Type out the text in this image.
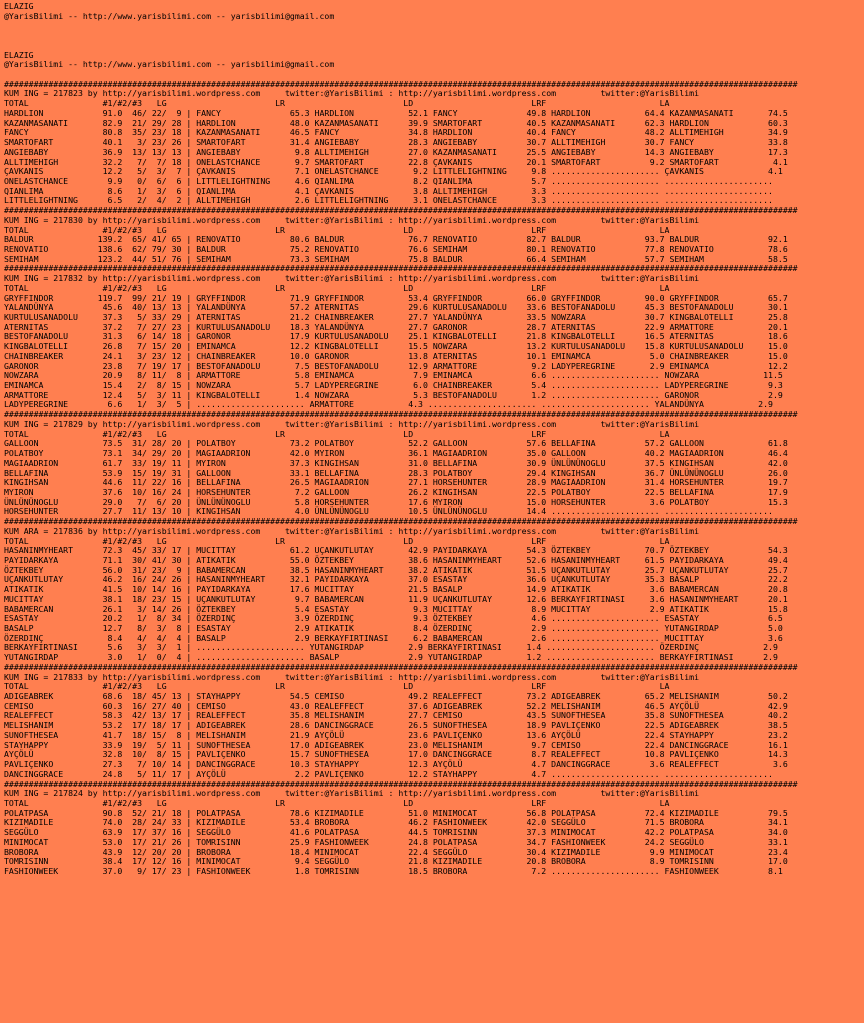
ELAZIG
@YarisBilimi -- http://www.yarisbilimi.com -- yarisbilimi@gmail.com

ELAZIG
@YarisBilimi -- http://www.yarisbilimi.com -- yarisbilimi@gmail.com

#################################################################################################################################################################
KUM ING = 217823 by http://yarisbilimi.wordpress.com     twitter:@YarisBilimi : http://yarisbilimi.wordpress.com         twitter:@YarisBilimi
TOTAL               #1/#2/#3   LG                      LR                        LD                        LRF                       LA
HARDLION            91.0  46/ 22/  9 | FANCY              65.3 HARDLION           52.1 FANCY              49.8 HARDLION           64.4 KAZANMASANATI       74.5
KAZANMASANATI       82.9  21/ 29/ 28 | HARDLION           48.0 KAZANMASANATI      39.9 SMARTOFART         40.5 KAZANMASANATI      62.3 HARDLION            60.3
FANCY               80.8  35/ 23/ 18 | KAZANMASANATI      46.5 FANCY              34.8 HARDLION           40.4 FANCY              48.2 ALLTIMEHIGH         34.9
SMARTOFART          40.1   3/ 23/ 26 | SMARTOFART         31.4 ANGIEBABY          28.3 ANGIEBABY          30.7 ALLTIMEHIGH        30.7 FANCY               33.8
ANGIEBABY           36.9  13/ 13/ 13 | ANGIEBABY           9.8 ALLTIMEHIGH        27.0 KAZANMASANATI      25.5 ANGIEBABY          14.3 ANGIEBABY           17.3
ALLTIMEHIGH         32.2   7/  7/ 18 | ONELASTCHANCE       9.7 SMARTOFART         22.8 ÇAVKANIS           20.1 SMARTOFART          9.2 SMARTOFART           4.1
ÇAVKANIS            12.2   5/  3/  7 | ÇAVKANIS            7.1 ONELASTCHANCE       9.2 LITTLELIGHTNING     9.8 ...................... ÇAVKANIS             4.1
ONELASTCHANCE        9.9   0/  6/  6 | LITTLELIGHTNING     4.6 QIANLIMA            8.2 QIANLIMA            5.7 ...................... ......................
QIANLIMA             8.6   1/  3/  6 | QIANLIMA            4.1 ÇAVKANIS            3.8 ALLTIMEHIGH         3.3 ...................... ......................
LITTLELIGHTNING      6.5   2/  4/  2 | ALLTIMEHIGH         2.6 LITTLELIGHTNING     3.1 ONELASTCHANCE       3.3 ...................... ......................
#################################################################################################################################################################
KUM ING = 217830 by http://yarisbilimi.wordpress.com     twitter:@YarisBilimi : http://yarisbilimi.wordpress.com         twitter:@YarisBilimi
TOTAL               #1/#2/#3   LG                      LR                        LD                        LRF                       LA
BALDUR             139.2  65/ 41/ 65 | RENOVATIO          80.6 BALDUR             76.7 RENOVATIO          82.7 BALDUR             93.7 BALDUR              92.1
RENOVATIO          138.6  62/ 79/ 30 | BALDUR             75.2 RENOVATIO          76.6 SEMIHAM            80.1 RENOVATIO          77.8 RENOVATIO           78.6
SEMIHAM            123.2  44/ 51/ 76 | SEMIHAM            73.3 SEMIHAM            75.8 BALDUR             66.4 SEMIHAM            57.7 SEMIHAM             58.5
#################################################################################################################################################################
KUM ING = 217832 by http://yarisbilimi.wordpress.com     twitter:@YarisBilimi : http://yarisbilimi.wordpress.com         twitter:@YarisBilimi
TOTAL               #1/#2/#3   LG                      LR                        LD                        LRF                       LA
GRYFFINDOR         119.7  99/ 21/ 19 | GRYFFINDOR         71.9 GRYFFINDOR         53.4 GRYFFINDOR         66.0 GRYFFINDOR         90.0 GRYFFINDOR          65.7
YALANDÜNYA          45.6  40/ 13/ 13 | YALANDÜNYA         57.2 ATERNITAS          29.6 KURTULUSANADOLU    33.6 BESTOFANADOLU      45.3 BESTOFANADOLU       30.1
KURTULUSANADOLU     37.3   5/ 33/ 29 | ATERNITAS          21.2 CHAINBREAKER       27.7 YALANDÜNYA         33.5 NOWZARA            30.7 KINGBALOTELLI       25.8
ATERNITAS           37.2   7/ 27/ 23 | KURTULUSANADOLU    18.3 YALANDÜNYA         27.7 GARONOR            28.7 ATERNITAS          22.9 ARMATTORE           20.1
BESTOFANADOLU       31.3   6/ 14/ 18 | GARONOR            17.9 KURTULUSANADOLU    25.1 KINGBALOTELLI      21.8 KINGBALOTELLI      16.5 ATERNITAS           18.6
KINGBALOTELLI       26.8   7/ 15/ 20 | EMINAMCA           12.2 KINGBALOTELLI      15.5 NOWZARA            13.2 KURTULUSANADOLU    15.8 KURTULUSANADOLU     15.0
CHAINBREAKER        24.1   3/ 23/ 12 | CHAINBREAKER       10.0 GARONOR            13.8 ATERNITAS          10.1 EMINAMCA            5.0 CHAINBREAKER        15.0
GARONOR             23.8   7/ 19/ 17 | BESTOFANADOLU       7.5 BESTOFANADOLU      12.9 ARMATTORE           9.2 LADYPEREGRINE       2.9 EMINAMCA            12.2
NOWZARA             20.9   8/ 11/  8 | ARMATTORE           5.8 EMINAMCA            7.9 EMINAMCA            6.6 ...................... NOWZARA             11.5
EMINAMCA            15.4   2/  8/ 15 | NOWZARA             5.7 LADYPEREGRINE       6.0 CHAINBREAKER        5.4 ...................... LADYPEREGRINE        9.3
ARMATTORE           12.4   5/  3/ 11 | KINGBALOTELLI       1.4 NOWZARA             5.3 BESTOFANADOLU       1.2 ...................... GARONOR              2.9
LADYPEREGRINE        6.6   1/  3/  5 | ...................... ARMATTORE           4.3 ...................... ...................... YALANDÜNYA           2.9
#################################################################################################################################################################
KUM ING = 217829 by http://yarisbilimi.wordpress.com     twitter:@YarisBilimi : http://yarisbilimi.wordpress.com         twitter:@YarisBilimi
TOTAL               #1/#2/#3   LG                      LR                        LD                        LRF                       LA
GALLOON             73.5  31/ 28/ 20 | POLATBOY           73.2 POLATBOY           52.2 GALLOON            57.6 BELLAFINA          57.2 GALLOON             61.8
POLATBOY            73.1  34/ 29/ 20 | MAGIAADRION        42.0 MYIRON             36.1 MAGIAADRION        35.0 GALLOON            40.2 MAGIAADRION         46.4
MAGIAADRION         61.7  33/ 19/ 11 | MYIRON             37.3 KINGIHSAN          31.0 BELLAFINA          30.9 ÜNLÜNÜNOGLU        37.5 KINGIHSAN           42.0
BELLAFINA           53.9  15/ 19/ 31 | GALLOON            33.1 BELLAFINA          28.3 POLATBOY           29.4 KINGIHSAN          36.7 ÜNLÜNÜNOGLU         26.0
KINGIHSAN           44.6  11/ 22/ 16 | BELLAFINA          26.5 MAGIAADRION        27.1 HORSEHUNTER        28.9 MAGIAADRION        31.4 HORSEHUNTER         19.7
MYIRON              37.6  10/ 16/ 24 | HORSEHUNTER         7.2 GALLOON            26.2 KINGIHSAN          22.5 POLATBOY           22.5 BELLAFINA           17.9
ÜNLÜNÜNOGLU         29.0   7/  6/ 20 | ÜNLÜNÜNOGLU         5.8 HORSEHUNTER        17.6 MYIRON             15.0 HORSEHUNTER         3.6 POLATBOY            15.3
HORSEHUNTER         27.7  11/ 13/ 10 | KINGIHSAN           4.0 ÜNLÜNÜNOGLU        10.5 ÜNLÜNÜNOGLU        14.4 ...................... ......................
#################################################################################################################################################################
KUM ARA = 217836 by http://yarisbilimi.wordpress.com     twitter:@YarisBilimi : http://yarisbilimi.wordpress.com         twitter:@YarisBilimi
TOTAL               #1/#2/#3   LG                      LR                        LD                        LRF                       LA
HASANINMYHEART      72.3  45/ 33/ 17 | MUCITTAY           61.2 UÇANKUTLUTAY       42.9 PAYIDARKAYA        54.3 ÖZTEKBEY           70.7 ÖZTEKBEY            54.3
PAYIDARKAYA         71.1  30/ 41/ 30 | ATIKATIK           55.0 ÖZTEKBEY           38.6 HASANINMYHEART     52.6 HASANINMYHEART     61.5 PAYIDARKAYA         49.4
ÖZTEKBEY            56.0  31/ 23/  9 | BABAMERCAN         38.5 HASANINMYHEART     38.2 ATIKATIK           51.5 UÇANKUTLUTAY       25.7 UÇANKUTLUTAY        25.7
UÇANKUTLUTAY        46.2  16/ 24/ 26 | HASANINMYHEART     32.1 PAYIDARKAYA        37.0 ESASTAY            36.6 UÇANKUTLUTAY       35.3 BASALP              22.2
ATIKATIK            41.5  10/ 14/ 16 | PAYIDARKAYA        17.6 MUCITTAY           21.5 BASALP             14.9 ATIKATIK            3.6 BABAMERCAN          20.8
MUCITTAY            38.1  18/ 23/ 15 | UÇANKUTLUTAY        9.7 BABAMERCAN         11.9 UÇANKUTLUTAY       12.6 BERKAYFIRTINASI     3.6 HASANINMYHEART      20.1
BABAMERCAN          26.1   3/ 14/ 26 | ÖZTEKBEY            5.4 ESASTAY             9.3 MUCITTAY            8.9 MUCITTAY            2.9 ATIKATIK            15.8
ESASTAY             20.2   1/  8/ 34 | ÖZERDINÇ            3.9 ÖZERDINÇ            9.3 ÖZTEKBEY            4.6 ...................... ESASTAY              6.5
BASALP              12.7   8/  3/  8 | ESASTAY             2.9 ATIKATIK            8.4 ÖZERDINÇ            2.9 ...................... YUTANGIRDAP          5.0
ÖZERDINÇ             8.4   4/  4/  4 | BASALP              2.9 BERKAYFIRTINASI     6.2 BABAMERCAN          2.6 ...................... MUCITTAY             3.6
BERKAYFIRTINASI      5.6   3/  3/  1 | ...................... YUTANGIRDAP         2.9 BERKAYFIRTINASI     1.4 ...................... ÖZERDINÇ             2.9
YUTANGIRDAP          3.0   1/  0/  4 | ...................... BASALP              2.9 YUTANGIRDAP         1.2 ...................... BERKAYFIRTINASI      2.9
#################################################################################################################################################################
KUM ING = 217833 by http://yarisbilimi.wordpress.com     twitter:@YarisBilimi : http://yarisbilimi.wordpress.com         twitter:@YarisBilimi
TOTAL               #1/#2/#3   LG                      LR                        LD                        LRF                       LA
ADIGEABREK          68.6  18/ 45/ 13 | STAYHAPPY          54.5 CEMISO             49.2 REALEFFECT         73.2 ADIGEABREK         65.2 MELISHANIM          50.2
CEMISO              60.3  16/ 27/ 40 | CEMISO             43.0 REALEFFECT         37.6 ADIGEABREK         52.2 MELISHANIM         46.5 AYÇÖLÜ              42.9
REALEFFECT          58.3  42/ 13/ 17 | REALEFFECT         35.8 MELISHANIM         27.7 CEMISO             43.5 SUNOFTHESEA        35.8 SUNOFTHESEA         40.2
MELISHANIM          53.2  17/ 18/ 17 | ADIGEABREK         28.6 DANCINGGRACE       26.5 SUNOFTHESEA        18.9 PAVLIÇENKO         22.5 ADIGEABREK          38.5
SUNOFTHESEA         41.7  18/ 15/  8 | MELISHANIM         21.9 AYÇÖLÜ             23.6 PAVLIÇENKO         13.6 AYÇÖLÜ             22.4 STAYHAPPY           23.2
STAYHAPPY           33.9  19/  5/ 11 | SUNOFTHESEA        17.0 ADIGEABREK         23.0 MELISHANIM          9.7 CEMISO             22.4 DANCINGGRACE        16.1
AYÇÖLÜ              32.8  10/  8/ 15 | PAVLIÇENKO         15.7 SUNOFTHESEA        17.0 DANCINGGRACE        8.7 REALEFFECT         10.8 PAVLIÇENKO          14.3
PAVLIÇENKO          27.3   7/ 10/ 14 | DANCINGGRACE       10.3 STAYHAPPY          12.3 AYÇÖLÜ              4.7 DANCINGGRACE        3.6 REALEFFECT           3.6
DANCINGGRACE        24.8   5/ 11/ 17 | AYÇÖLÜ              2.2 PAVLIÇENKO         12.2 STAYHAPPY           4.7 ...................... ......................
#################################################################################################################################################################
KUM ING = 217824 by http://yarisbilimi.wordpress.com     twitter:@YarisBilimi : http://yarisbilimi.wordpress.com         twitter:@YarisBilimi
TOTAL               #1/#2/#3   LG                      LR                        LD                        LRF                       LA
POLATPASA           90.8  52/ 21/ 18 | POLATPASA          78.6 KIZIMADILE         51.0 MINIMOCAT          56.8 POLATPASA          72.4 KIZIMADILE          79.5
KIZIMADILE          74.0  28/ 24/ 33 | KIZIMADILE         53.4 BROBORA            46.2 FASHIONWEEK        42.0 SEGGÜLO            71.5 BROBORA             34.1
SEGGÜLO             63.9  17/ 37/ 16 | SEGGÜLO            41.6 POLATPASA          44.5 TOMRISINN          37.3 MINIMOCAT          42.2 POLATPASA           34.0
MINIMOCAT           53.0  17/ 21/ 26 | TOMRISINN          25.9 FASHIONWEEK        24.8 POLATPASA          34.7 FASHIONWEEK        24.2 SEGGÜLO             33.1
BROBORA             43.9  12/ 20/ 20 | BROBORA            18.4 MINIMOCAT          22.4 SEGGÜLO            30.4 KIZIMADILE          9.9 MINIMOCAT           23.4
TOMRISINN           38.4  17/ 12/ 16 | MINIMOCAT           9.4 SEGGÜLO            21.8 KIZIMADILE         20.8 BROBORA             8.9 TOMRISINN           17.0
FASHIONWEEK         37.0   9/ 17/ 23 | FASHIONWEEK         1.8 TOMRISINN          18.5 BROBORA             7.2 ...................... FASHIONWEEK          8.1
